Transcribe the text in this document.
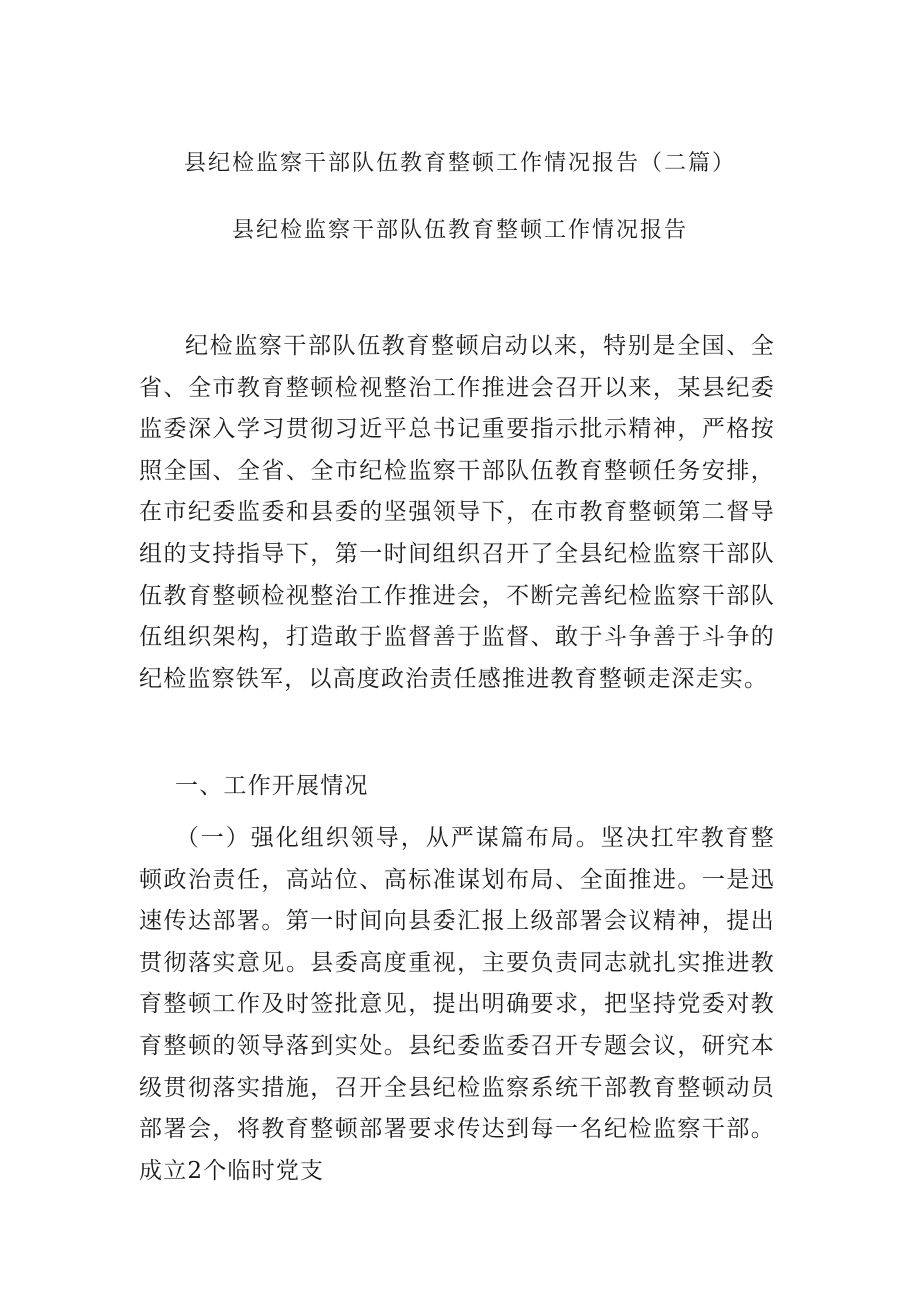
县纪检监察干部队伍教育整顿工作情况报告（二篇）
县纪检监察干部队伍教育整顿工作情况报告

纪检监察干部队伍教育整顿启动以来，特别是全国、全省、全市教育整顿检视整治工作推进会召开以来，某县纪委监委深入学习贯彻习近平总书记重要指示批示精神，严格按照全国、全省、全市纪检监察干部队伍教育整顿任务安排，在市纪委监委和县委的坚强领导下，在市教育整顿第二督导组的支持指导下，第一时间组织召开了全县纪检监察干部队伍教育整顿检视整治工作推进会，不断完善纪检监察干部队伍组织架构，打造敢于监督善于监督、敢于斗争善于斗争的纪检监察铁军，以高度政治责任感推进教育整顿走深走实。

一、工作开展情况

（一）强化组织领导，从严谋篇布局。坚决扛牢教育整顿政治责任，高站位、高标准谋划布局、全面推进。一是迅速传达部署。第一时间向县委汇报上级部署会议精神，提出贯彻落实意见。县委高度重视，主要负责同志就扎实推进教育整顿工作及时签批意见，提出明确要求，把坚持党委对教育整顿的领导落到实处。县纪委监委召开专题会议，研究本级贯彻落实措施，召开全县纪检监察系统干部教育整顿动员部署会，将教育整顿部署要求传达到每一名纪检监察干部。成立2个临时党支
